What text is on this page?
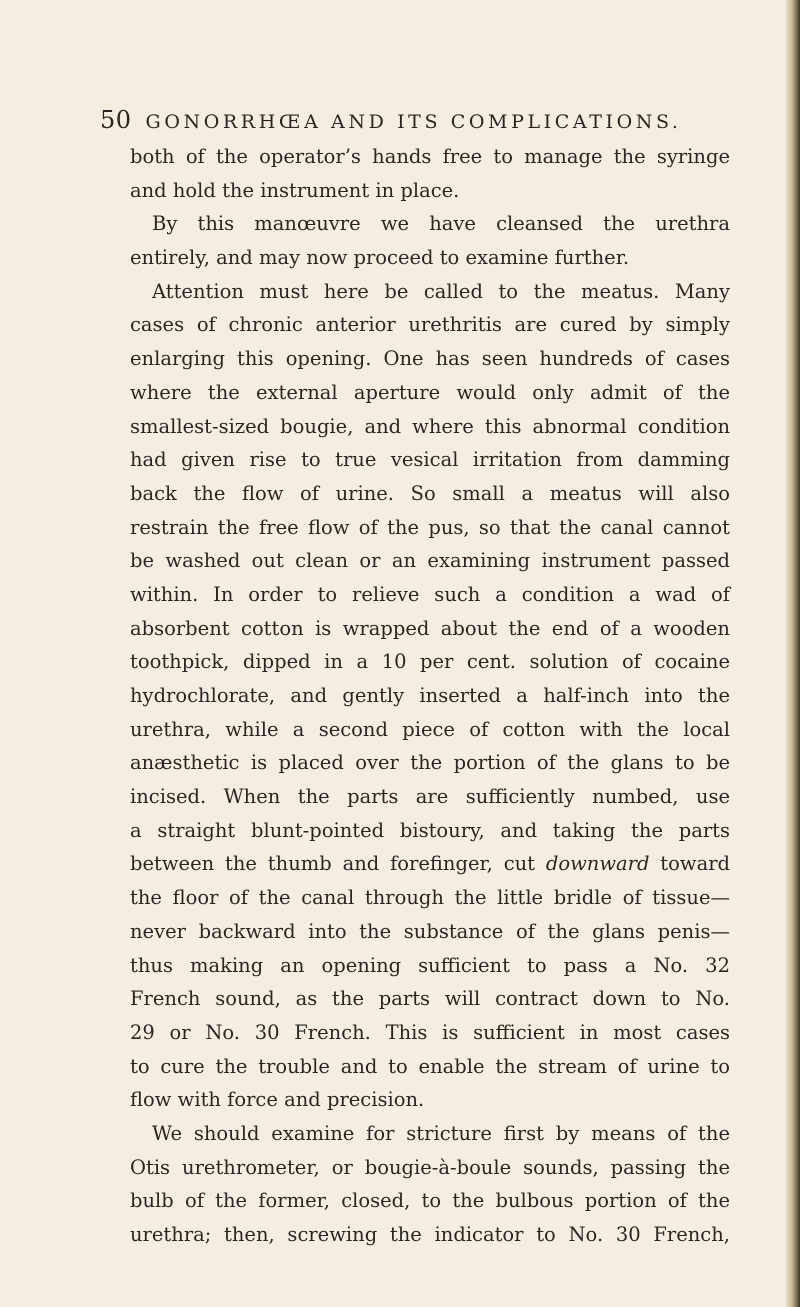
50 GONORRHŒA AND ITS COMPLICATIONS.
both of the operator’s hands free to manage the syringe
and hold the instrument in place.
By this manœuvre we have cleansed the urethra
entirely, and may now proceed to examine further.
Attention must here be called to the meatus. Many
cases of chronic anterior urethritis are cured by simply
enlarging this opening. One has seen hundreds of cases
where the external aperture would only admit of the
smallest-sized bougie, and where this abnormal condition
had given rise to true vesical irritation from damming
back the flow of urine. So small a meatus will also
restrain the free flow of the pus, so that the canal cannot
be washed out clean or an examining instrument passed
within. In order to relieve such a condition a wad of
absorbent cotton is wrapped about the end of a wooden
toothpick, dipped in a 10 per cent. solution of cocaine
hydrochlorate, and gently inserted a half-inch into the
urethra, while a second piece of cotton with the local
anæsthetic is placed over the portion of the glans to be
incised. When the parts are sufficiently numbed, use
a straight blunt-pointed bistoury, and taking the parts
between the thumb and forefinger, cut downward toward
the floor of the canal through the little bridle of tissue—
never backward into the substance of the glans penis—
thus making an opening sufficient to pass a No. 32
French sound, as the parts will contract down to No.
29 or No. 30 French. This is sufficient in most cases
to cure the trouble and to enable the stream of urine to
flow with force and precision.
We should examine for stricture first by means of the
Otis urethrometer, or bougie-à-boule sounds, passing the
bulb of the former, closed, to the bulbous portion of the
urethra; then, screwing the indicator to No. 30 French,
